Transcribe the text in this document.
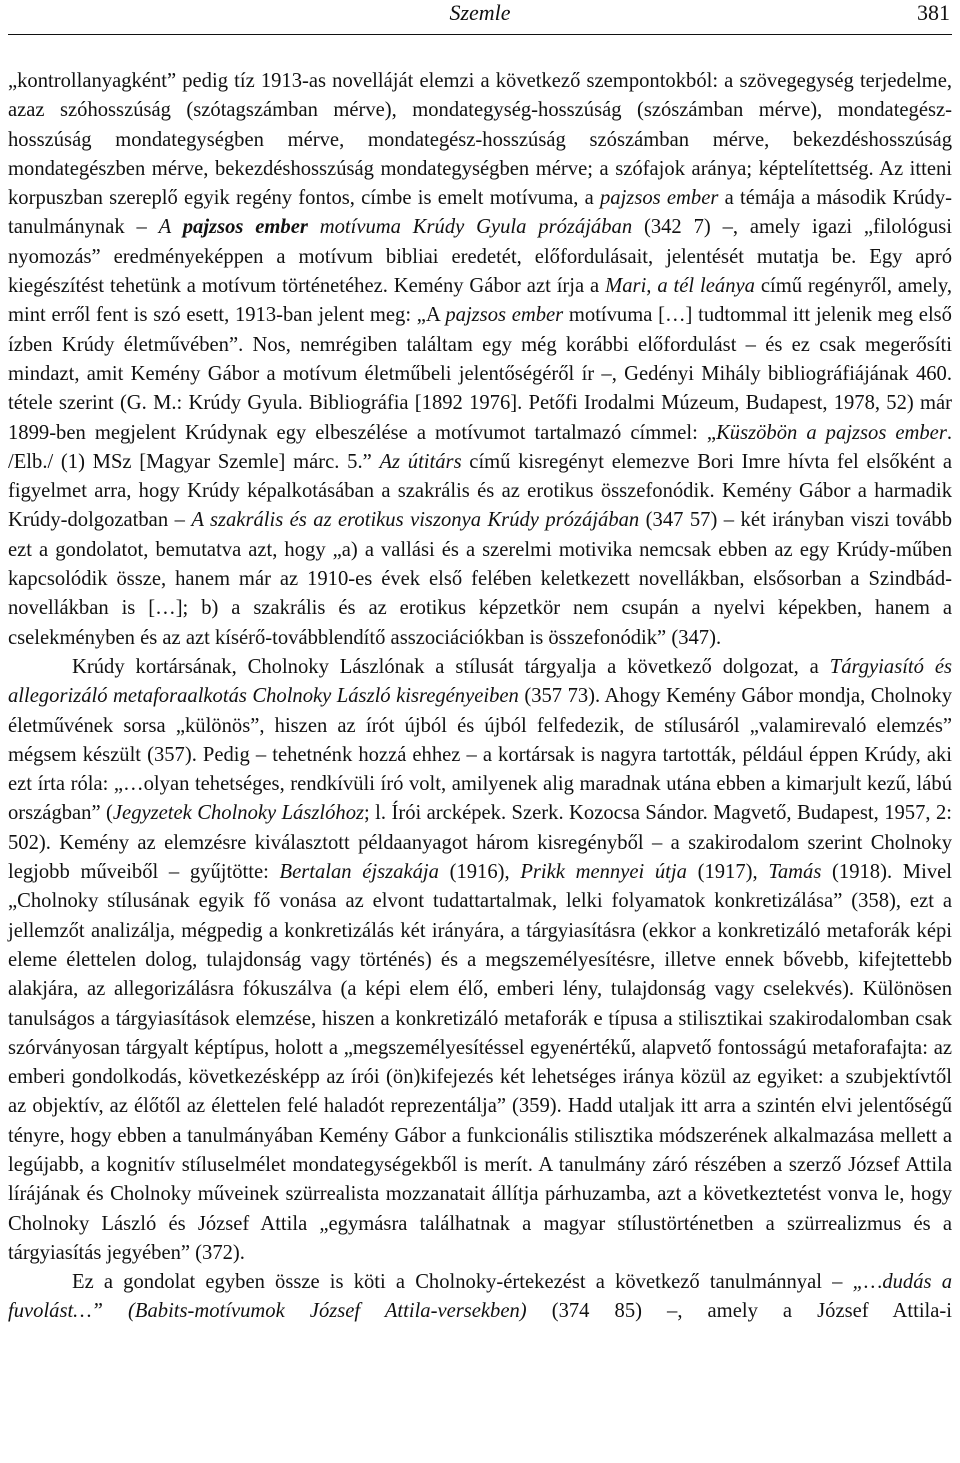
Szemle	381

„kontrollanyagként” pedig tíz 1913-as novelláját elemzi a következő szempontokból: a szövegegység terjedelme, azaz szóhosszúság (szótagszámban mérve), mondategység-hosszúság (szószámban mérve), mondategész-hosszúság mondategységben mérve, mondategész-hosszúság szószámban mérve, bekezdéshosszúság mondategészben mérve, bekezdéshosszúság mondategységben mérve; a szófajok aránya; képtelítettség. Az itteni korpuszban szereplő egyik regény fontos, címbe is emelt motívuma, a pajzsos ember a témája a második Krúdy-tanulmánynak – A pajzsos ember motívuma Krúdy Gyula prózájában (342 7) –, amely igazi „filológusi nyomozás” eredményeképpen a motívum bibliai eredetét, előfordulásait, jelentését mutatja be. Egy apró kiegészítést tehetünk a motívum történetéhez. Kemény Gábor azt írja a Mari, a tél leánya című regényről, amely, mint erről fent is szó esett, 1913-ban jelent meg: „A pajzsos ember motívuma […] tudtommal itt jelenik meg első ízben Krúdy életművében”. Nos, nemrégiben találtam egy még korábbi előfordulást – és ez csak megerősíti mindazt, amit Kemény Gábor a motívum életműbeli jelentőségéről ír –, Gedényi Mihály bibliográfiájának 460. tétele szerint (G. M.: Krúdy Gyula. Bibliográfia [1892 1976]. Petőfi Irodalmi Múzeum, Budapest, 1978, 52) már 1899-ben megjelent Krúdynak egy elbeszélése a motívumot tartalmazó címmel: „Küszöbön a pajzsos ember. /Elb./ (1) MSz [Magyar Szemle] márc. 5.” Az útitárs című kisregényt elemezve Bori Imre hívta fel elsőként a figyelmet arra, hogy Krúdy képalkotásában a szakrális és az erotikus összefonódik. Kemény Gábor a harmadik Krúdy-dolgozatban – A szakrális és az erotikus viszonya Krúdy prózájában (347 57) – két irányban viszi tovább ezt a gondolatot, bemutatva azt, hogy „a) a vallási és a szerelmi motivika nemcsak ebben az egy Krúdy-műben kapcsolódik össze, hanem már az 1910-es évek első felében keletkezett novellákban, elsősorban a Szindbád-novellákban is […]; b) a szakrális és az erotikus képzetkör nem csupán a nyelvi képekben, hanem a cselekményben és az azt kísérő-továbblendítő asszociációkban is összefonódik” (347).

Krúdy kortársának, Cholnoky Lászlónak a stílusát tárgyalja a következő dolgozat, a Tárgyiasító és allegorizáló metaforaalkotás Cholnoky László kisregényeiben (357 73). Ahogy Kemény Gábor mondja, Cholnoky életművének sorsa „különös”, hiszen az írót újból és újból felfedezik, de stílusáról „valamirevaló elemzés” mégsem készült (357). Pedig – tehetnénk hozzá ehhez – a kortársak is nagyra tartották, például éppen Krúdy, aki ezt írta róla: „…olyan tehetséges, rendkívüli író volt, amilyenek alig maradnak utána ebben a kimarjult kezű, lábú országban” (Jegyzetek Cholnoky Lászlóhoz; l. Írói arcképek. Szerk. Kozocsa Sándor. Magvető, Budapest, 1957, 2: 502). Kemény az elemzésre kiválasztott példaanyagot három kisregényből – a szakirodalom szerint Cholnoky legjobb műveiből – gyűjtötte: Bertalan éjszakája (1916), Prikk mennyei útja (1917), Tamás (1918). Mivel „Cholnoky stílusának egyik fő vonása az elvont tudattartalmak, lelki folyamatok konkretizálása” (358), ezt a jellemzőt analizálja, mégpedig a konkretizálás két irányára, a tárgyiasításra (ekkor a konkretizáló metaforák képi eleme élettelen dolog, tulajdonság vagy történés) és a megszemélyesítésre, illetve ennek bővebb, kifejtettebb alakjára, az allegorizálásra fókuszálva (a képi elem élő, emberi lény, tulajdonság vagy cselekvés). Különösen tanulságos a tárgyiasítások elemzése, hiszen a konkretizáló metaforák e típusa a stilisztikai szakirodalomban csak szórványosan tárgyalt képtípus, holott a „megszemélyesítéssel egyenértékű, alapvető fontosságú metaforafajta: az emberi gondolkodás, következésképp az írói (ön)kifejezés két lehetséges iránya közül az egyiket: a szubjektívtől az objektív, az élőtől az élettelen felé haladót reprezentálja” (359). Hadd utaljak itt arra a szintén elvi jelentőségű tényre, hogy ebben a tanulmányában Kemény Gábor a funkcionális stilisztika módszerének alkalmazása mellett a legújabb, a kognitív stíluselmélet mondategységekből is merít. A tanulmány záró részében a szerző József Attila lírájának és Cholnoky műveinek szürrealista mozzanatait állítja párhuzamba, azt a következtetést vonva le, hogy Cholnoky László és József Attila „egymásra találhatnak a magyar stílustörténetben a szürrealizmus és a tárgyiasítás jegyében” (372).

Ez a gondolat egyben össze is köti a Cholnoky-értekezést a következő tanulmánnyal – „…dudás a fuvolást…” (Babits-motívumok József Attila-versekben) (374 85) –, amely a József Attila-i
